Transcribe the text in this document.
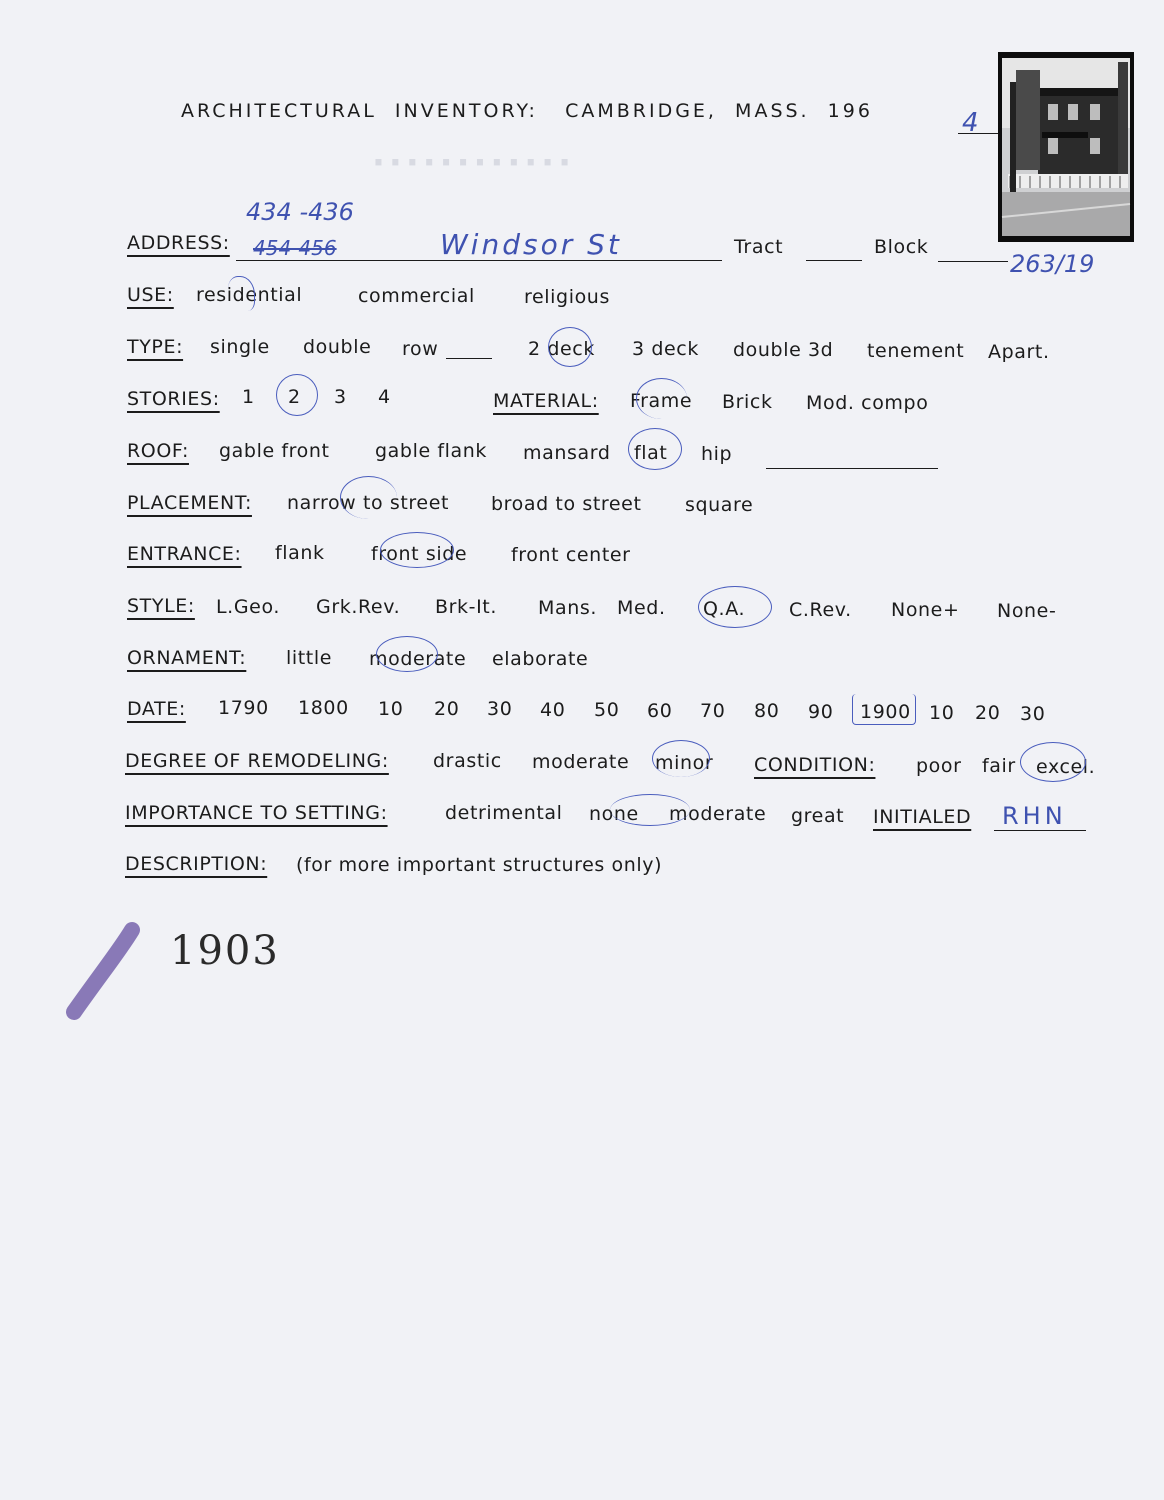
............
ARCHITECTURAL  INVENTORY:   CAMBRIDGE,  MASS.  196	4
ADDRESS:
434 -436
454-456	Windsor St	Tract	Block
263/19
USE: residential	commercial	religious
TYPE: single double row	2 deck 3 deck double 3d tenement Apart.
STORIES: 1 2 3 4	MATERIAL: Frame Brick Mod. compo
ROOF: gable front gable flank mansard flat hip
PLACEMENT: narrow to street broad to street square
ENTRANCE: flank front side front center
STYLE: L.Geo. Grk.Rev. Brk-It. Mans. Med. Q.A. C.Rev. None+ None-
ORNAMENT: little moderate elaborate
DATE: 1790 1800 10 20 30 40 50 60 70 80 90 1900 10 20 30
DEGREE OF REMODELING: drastic moderate minor CONDITION: poor fair excel.
IMPORTANCE TO SETTING:	detrimental none moderate great INITIALED RHN
DESCRIPTION: (for more important structures only)
1903
